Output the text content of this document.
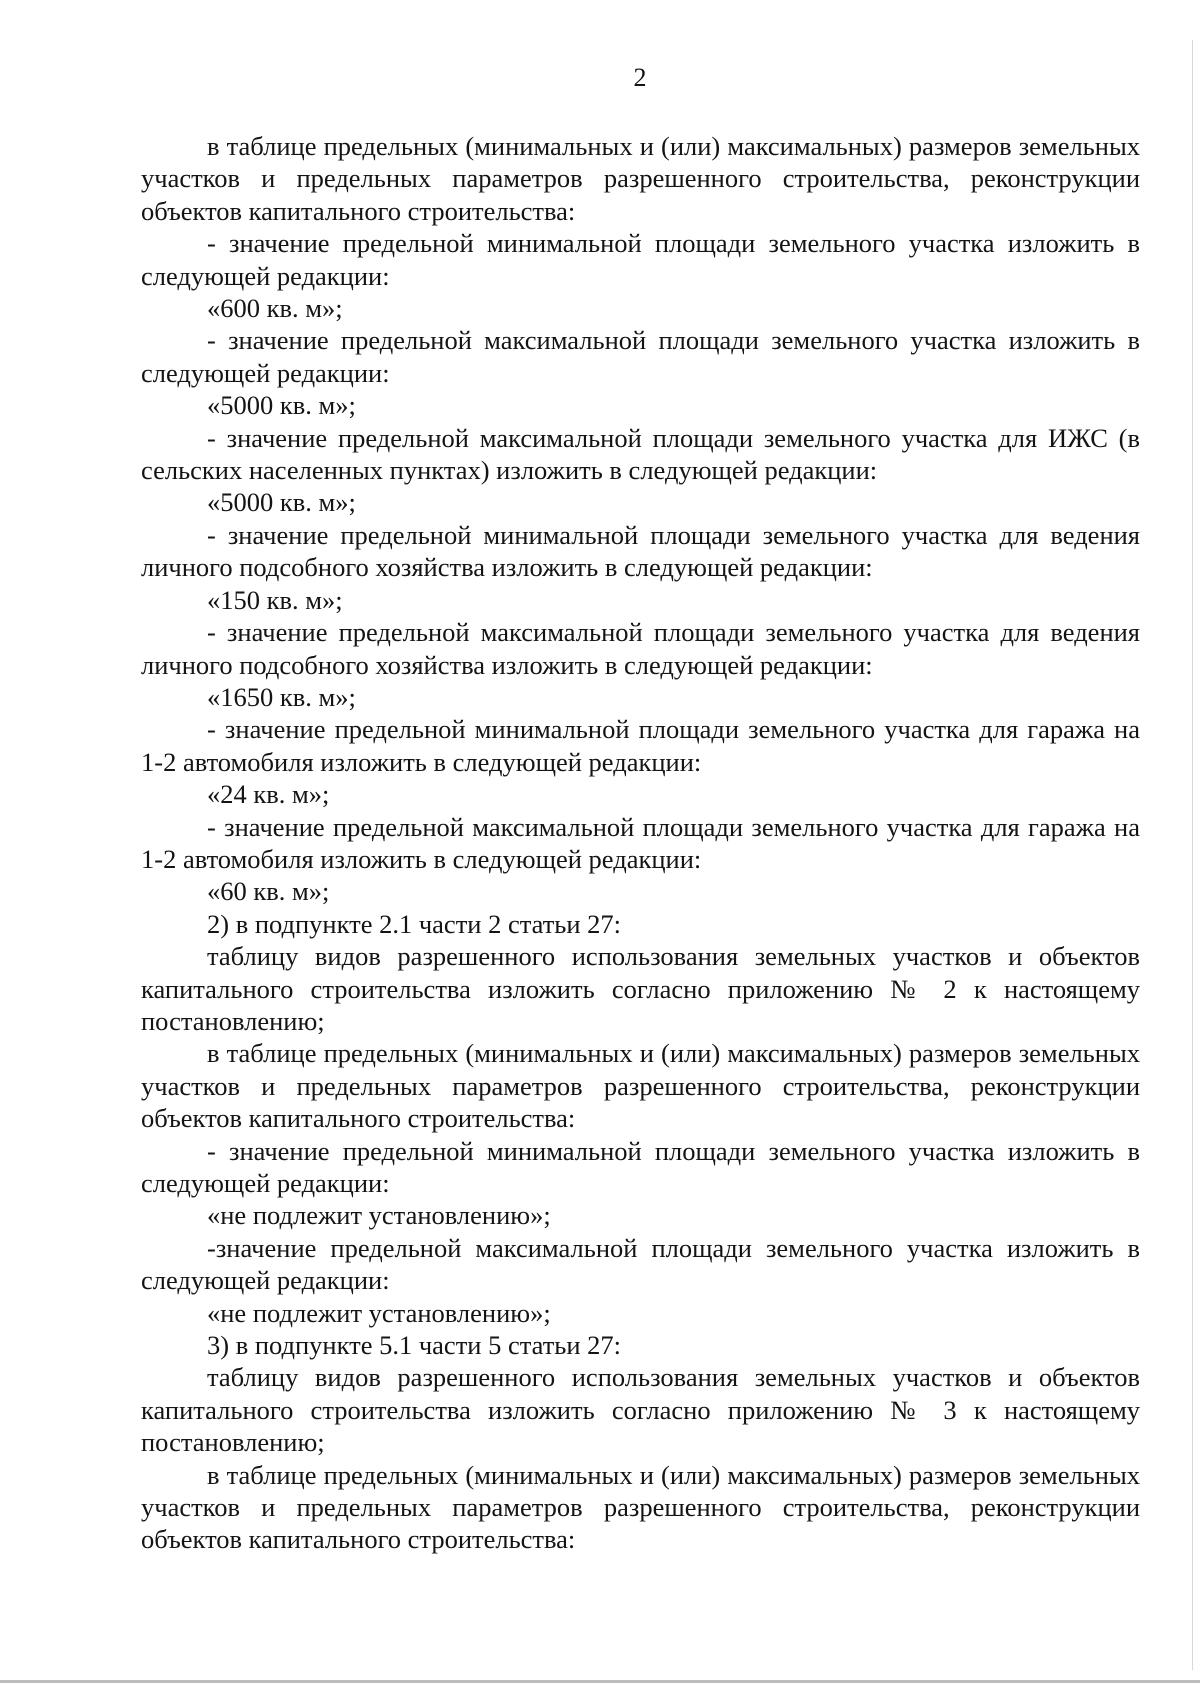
2

в таблице предельных (минимальных и (или) максимальных) размеров земельных участков и предельных параметров разрешенного строительства, реконструкции объектов капитального строительства:

- значение предельной минимальной площади земельного участка изложить в следующей редакции:

«600 кв. м»;

- значение предельной максимальной площади земельного участка изложить в следующей редакции:

«5000 кв. м»;

- значение предельной максимальной площади земельного участка для ИЖС (в сельских населенных пунктах) изложить в следующей редакции:

«5000 кв. м»;

- значение предельной минимальной площади земельного участка для ведения личного подсобного хозяйства изложить в следующей редакции:

«150 кв. м»;

- значение предельной максимальной площади земельного участка для ведения личного подсобного хозяйства изложить в следующей редакции:

«1650 кв. м»;

- значение предельной минимальной площади земельного участка для гаража на 1-2 автомобиля изложить в следующей редакции:

«24 кв. м»;

- значение предельной максимальной площади земельного участка для гаража на 1-2 автомобиля изложить в следующей редакции:

«60 кв. м»;

2) в подпункте 2.1 части 2 статьи 27:

таблицу видов разрешенного использования земельных участков и объектов капитального строительства изложить согласно приложению № 2 к настоящему постановлению;

в таблице предельных (минимальных и (или) максимальных) размеров земельных участков и предельных параметров разрешенного строительства, реконструкции объектов капитального строительства:

- значение предельной минимальной площади земельного участка изложить в следующей редакции:

«не подлежит установлению»;

-значение предельной максимальной площади земельного участка изложить в следующей редакции:

«не подлежит установлению»;

3) в подпункте 5.1 части 5 статьи 27:

таблицу видов разрешенного использования земельных участков и объектов капитального строительства изложить согласно приложению № 3 к настоящему постановлению;

в таблице предельных (минимальных и (или) максимальных) размеров земельных участков и предельных параметров разрешенного строительства, реконструкции объектов капитального строительства:
